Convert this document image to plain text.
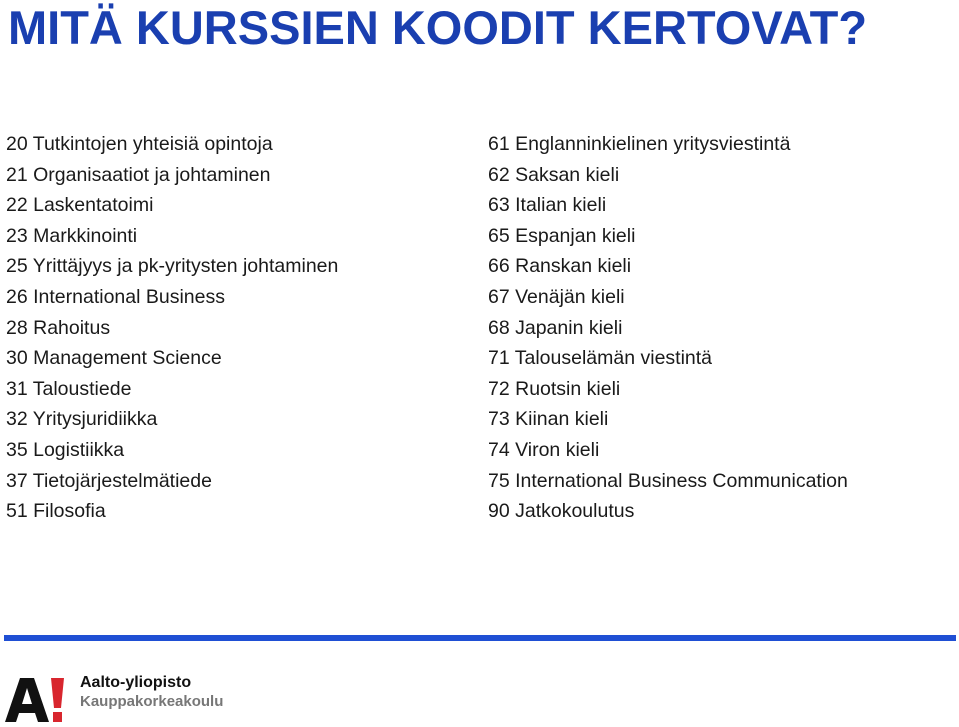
MITÄ KURSSIEN KOODIT KERTOVAT?
20 Tutkintojen yhteisiä opintoja
21 Organisaatiot ja johtaminen
22 Laskentatoimi
23 Markkinointi
25 Yrittäjyys ja pk-yritysten johtaminen
26 International Business
28 Rahoitus
30 Management Science
31 Taloustiede
32 Yritysjuridiikka
35 Logistiikka
37 Tietojärjestelmätiede
51 Filosofia
61 Englanninkielinen yritysviestintä
62 Saksan kieli
63 Italian kieli
65 Espanjan kieli
66 Ranskan kieli
67 Venäjän kieli
68 Japanin kieli
71 Talouselämän viestintä
72 Ruotsin kieli
73 Kiinan kieli
74 Viron kieli
75 International Business Communication
90 Jatkokoulutus
Aalto-yliopisto
Kauppakorkeakoulu
